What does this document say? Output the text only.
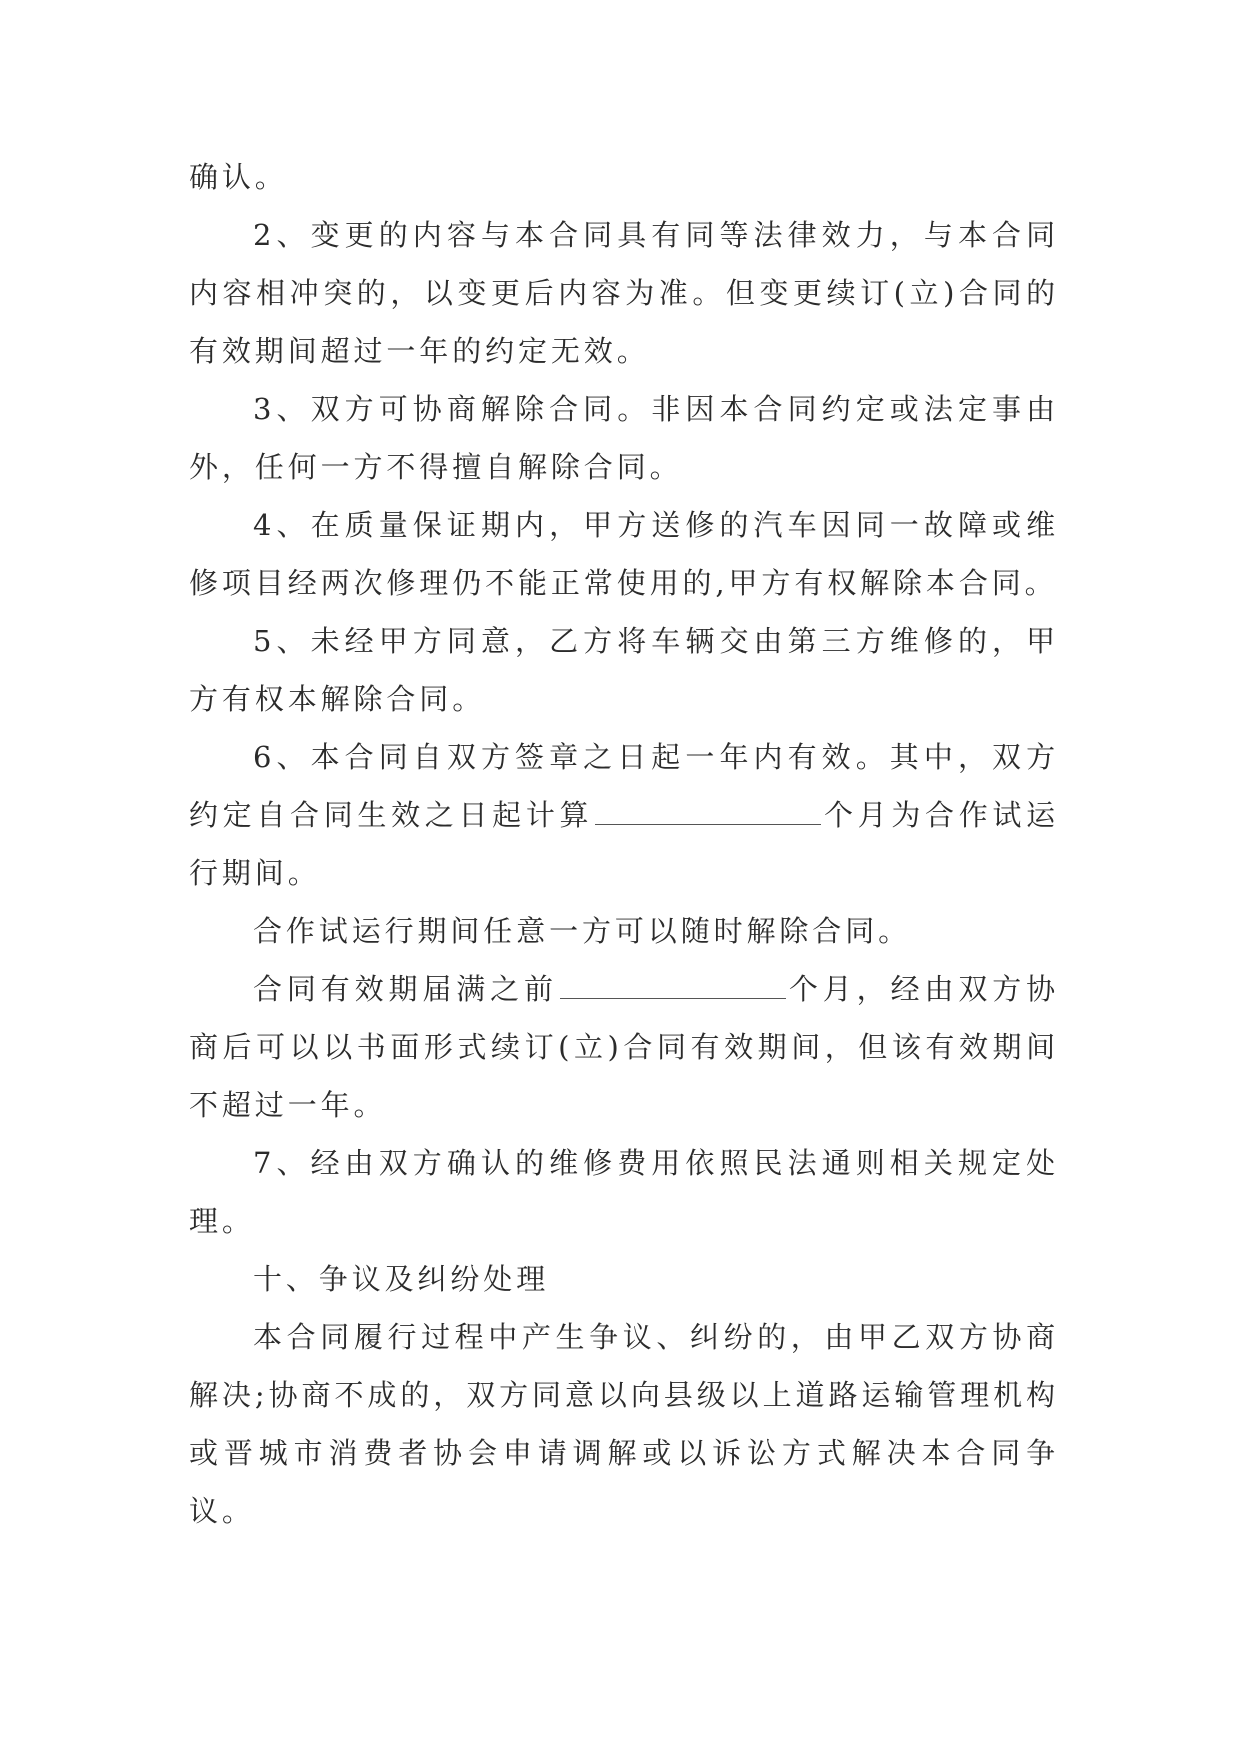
确认。

2、变更的内容与本合同具有同等法律效力，与本合同内容相冲突的，以变更后内容为准。但变更续订(立)合同的有效期间超过一年的约定无效。

3、双方可协商解除合同。非因本合同约定或法定事由外，任何一方不得擅自解除合同。

4、在质量保证期内，甲方送修的汽车因同一故障或维修项目经两次修理仍不能正常使用的,甲方有权解除本合同。

5、未经甲方同意，乙方将车辆交由第三方维修的，甲方有权本解除合同。

6、本合同自双方签章之日起一年内有效。其中，双方约定自合同生效之日起计算	个月为合作试运行期间。

合作试运行期间任意一方可以随时解除合同。

合同有效期届满之前	个月，经由双方协商后可以以书面形式续订(立)合同有效期间，但该有效期间不超过一年。

7、经由双方确认的维修费用依照民法通则相关规定处理。

十、争议及纠纷处理

本合同履行过程中产生争议、纠纷的，由甲乙双方协商解决;协商不成的，双方同意以向县级以上道路运输管理机构或晋城市消费者协会申请调解或以诉讼方式解决本合同争议。
